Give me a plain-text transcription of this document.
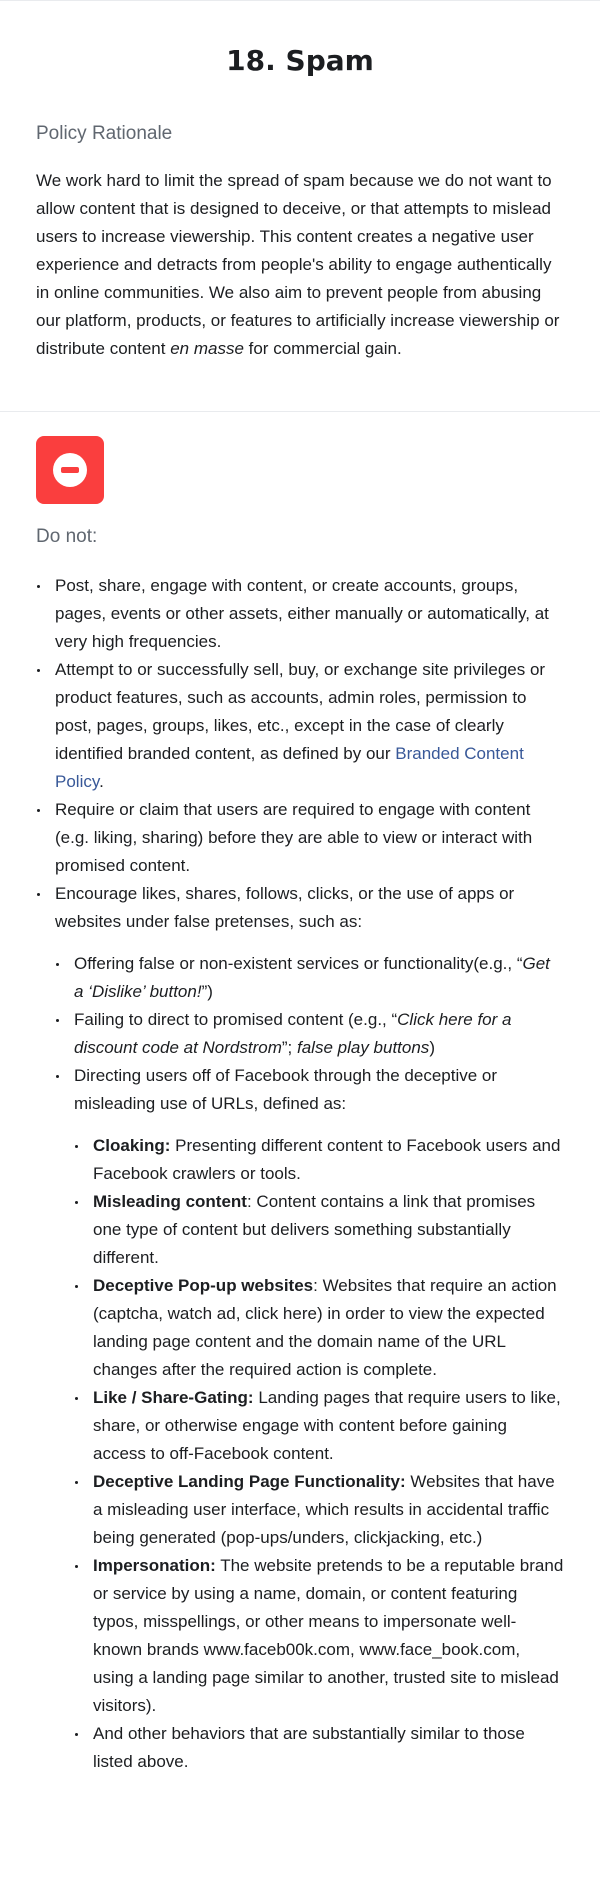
18. Spam
Policy Rationale

We work hard to limit the spread of spam because we do not want to allow content that is designed to deceive, or that attempts to mislead users to increase viewership. This content creates a negative user experience and detracts from people's ability to engage authentically in online communities. We also aim to prevent people from abusing our platform, products, or features to artificially increase viewership or distribute content en masse for commercial gain.

Do not:
Post, share, engage with content, or create accounts, groups, pages, events or other assets, either manually or automatically, at very high frequencies.
Attempt to or successfully sell, buy, or exchange site privileges or product features, such as accounts, admin roles, permission to post, pages, groups, likes, etc., except in the case of clearly identified branded content, as defined by our Branded Content Policy.
Require or claim that users are required to engage with content (e.g. liking, sharing) before they are able to view or interact with promised content.
Encourage likes, shares, follows, clicks, or the use of apps or websites under false pretenses, such as:
Offering false or non-existent services or functionality(e.g., “Get a ‘Dislike’ button!”)
Failing to direct to promised content (e.g., “Click here for a discount code at Nordstrom”; false play buttons)
Directing users off of Facebook through the deceptive or misleading use of URLs, defined as:
Cloaking: Presenting different content to Facebook users and Facebook crawlers or tools.
Misleading content: Content contains a link that promises one type of content but delivers something substantially different.
Deceptive Pop-up websites: Websites that require an action (captcha, watch ad, click here) in order to view the expected landing page content and the domain name of the URL changes after the required action is complete.
Like / Share-Gating: Landing pages that require users to like, share, or otherwise engage with content before gaining access to off-Facebook content.
Deceptive Landing Page Functionality: Websites that have a misleading user interface, which results in accidental traffic being generated (pop-ups/unders, clickjacking, etc.)
Impersonation: The website pretends to be a reputable brand or service by using a name, domain, or content featuring typos, misspellings, or other means to impersonate well-known brands www.faceb00k.com, www.face_book.com, using a landing page similar to another, trusted site to mislead visitors).
And other behaviors that are substantially similar to those listed above.
